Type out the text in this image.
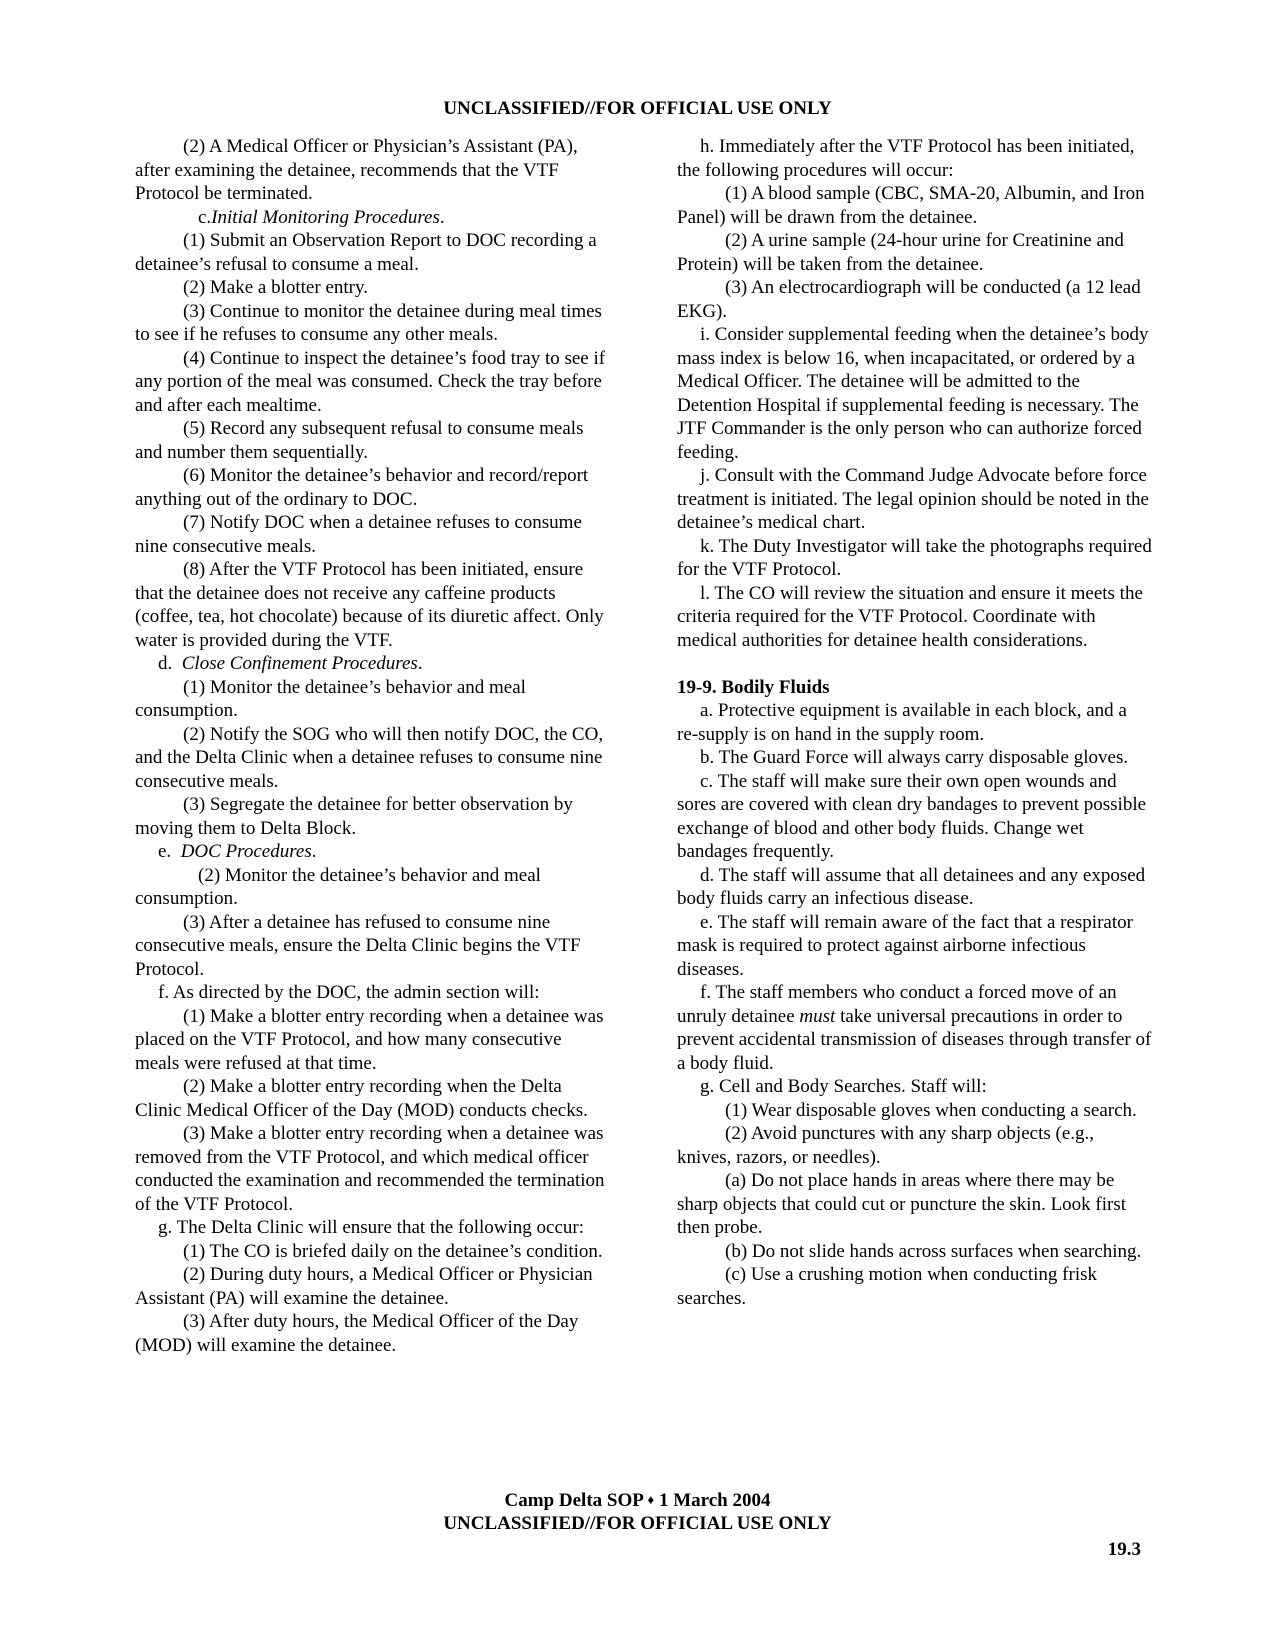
UNCLASSIFIED//FOR OFFICIAL USE ONLY

(2) A Medical Officer or Physician’s Assistant (PA), after examining the detainee, recommends that the VTF Protocol be terminated.

c.Initial Monitoring Procedures.

(1) Submit an Observation Report to DOC recording a detainee’s refusal to consume a meal.

(2) Make a blotter entry.

(3) Continue to monitor the detainee during meal times to see if he refuses to consume any other meals.

(4) Continue to inspect the detainee’s food tray to see if any portion of the meal was consumed. Check the tray before and after each mealtime.

(5) Record any subsequent refusal to consume meals and number them sequentially.

(6) Monitor the detainee’s behavior and record/report anything out of the ordinary to DOC.

(7) Notify DOC when a detainee refuses to consume nine consecutive meals.

(8) After the VTF Protocol has been initiated, ensure that the detainee does not receive any caffeine products (coffee, tea, hot chocolate) because of its diuretic affect. Only water is provided during the VTF.

d. Close Confinement Procedures.

(1) Monitor the detainee’s behavior and meal consumption.

(2) Notify the SOG who will then notify DOC, the CO, and the Delta Clinic when a detainee refuses to consume nine consecutive meals.

(3) Segregate the detainee for better observation by moving them to Delta Block.

e. DOC Procedures.

(2) Monitor the detainee’s behavior and meal consumption.

(3) After a detainee has refused to consume nine consecutive meals, ensure the Delta Clinic begins the VTF Protocol.

f. As directed by the DOC, the admin section will:

(1) Make a blotter entry recording when a detainee was placed on the VTF Protocol, and how many consecutive meals were refused at that time.

(2) Make a blotter entry recording when the Delta Clinic Medical Officer of the Day (MOD) conducts checks.

(3) Make a blotter entry recording when a detainee was removed from the VTF Protocol, and which medical officer conducted the examination and recommended the termination of the VTF Protocol.

g. The Delta Clinic will ensure that the following occur:

(1) The CO is briefed daily on the detainee’s condition.

(2) During duty hours, a Medical Officer or Physician Assistant (PA) will examine the detainee.

(3) After duty hours, the Medical Officer of the Day (MOD) will examine the detainee.

h. Immediately after the VTF Protocol has been initiated, the following procedures will occur:

(1) A blood sample (CBC, SMA-20, Albumin, and Iron Panel) will be drawn from the detainee.

(2) A urine sample (24-hour urine for Creatinine and Protein) will be taken from the detainee.

(3) An electrocardiograph will be conducted (a 12 lead EKG).

i. Consider supplemental feeding when the detainee’s body mass index is below 16, when incapacitated, or ordered by a Medical Officer. The detainee will be admitted to the Detention Hospital if supplemental feeding is necessary. The JTF Commander is the only person who can authorize forced feeding.

j. Consult with the Command Judge Advocate before force treatment is initiated. The legal opinion should be noted in the detainee’s medical chart.

k. The Duty Investigator will take the photographs required for the VTF Protocol.

l. The CO will review the situation and ensure it meets the criteria required for the VTF Protocol. Coordinate with medical authorities for detainee health considerations.

19-9. Bodily Fluids

a. Protective equipment is available in each block, and a re-supply is on hand in the supply room.

b. The Guard Force will always carry disposable gloves.

c. The staff will make sure their own open wounds and sores are covered with clean dry bandages to prevent possible exchange of blood and other body fluids. Change wet bandages frequently.

d. The staff will assume that all detainees and any exposed body fluids carry an infectious disease.

e. The staff will remain aware of the fact that a respirator mask is required to protect against airborne infectious diseases.

f. The staff members who conduct a forced move of an unruly detainee must take universal precautions in order to prevent accidental transmission of diseases through transfer of a body fluid.

g. Cell and Body Searches. Staff will:

(1) Wear disposable gloves when conducting a search.

(2) Avoid punctures with any sharp objects (e.g., knives, razors, or needles).

(a) Do not place hands in areas where there may be sharp objects that could cut or puncture the skin. Look first then probe.

(b) Do not slide hands across surfaces when searching.

(c) Use a crushing motion when conducting frisk searches.

Camp Delta SOP ♦ 1 March 2004
UNCLASSIFIED//FOR OFFICIAL USE ONLY
19.3
